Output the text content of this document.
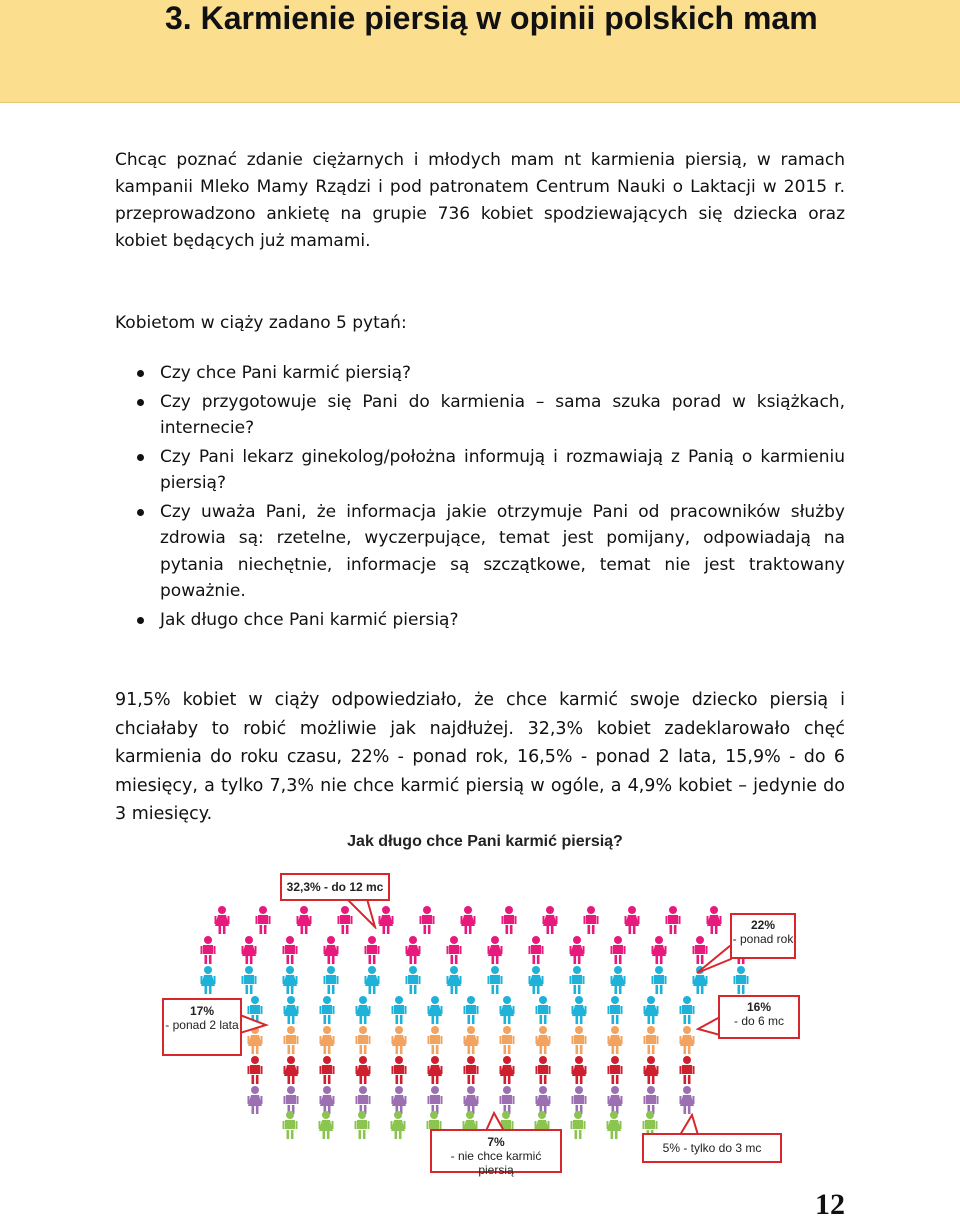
3. Karmienie piersią w opinii polskich mam

Chcąc poznać zdanie ciężarnych i młodych mam nt karmienia piersią, w ramach kampanii Mleko Mamy Rządzi i pod patronatem Centrum Nauki o Laktacji w 2015 r. przeprowadzono ankietę na grupie 736 kobiet spodziewających się dziecka oraz kobiet będących już mamami.

Kobietom w ciąży zadano 5 pytań:

Czy chce Pani karmić piersią?
Czy przygotowuje się Pani do karmienia – sama szuka porad w książkach, internecie?
Czy Pani lekarz ginekolog/położna informują i rozmawiają z Panią o karmieniu piersią?
Czy uważa Pani, że informacja jakie otrzymuje Pani od pracowników służby zdrowia są: rzetelne, wyczerpujące, temat jest pomijany, odpowiadają na pytania niechętnie, informacje są szczątkowe, temat nie jest traktowany poważnie.
Jak długo chce Pani karmić piersią?

91,5% kobiet w ciąży odpowiedziało, że chce karmić swoje dziecko piersią i chciałaby to robić możliwie jak najdłużej. 32,3% kobiet zadeklarowało chęć karmienia do roku czasu, 22% - ponad rok, 16,5% - ponad 2 lata, 15,9% - do 6 miesięcy, a tylko 7,3% nie chce karmić piersią w ogóle, a 4,9% kobiet – jedynie do 3 miesięcy.

Jak długo chce Pani karmić piersią?
32,3% - do 12 mc
22%
- ponad rok
17%
- ponad 2 lata
16%
- do 6 mc
7%
- nie chce karmić piersią
5% - tylko do 3 mc
12
